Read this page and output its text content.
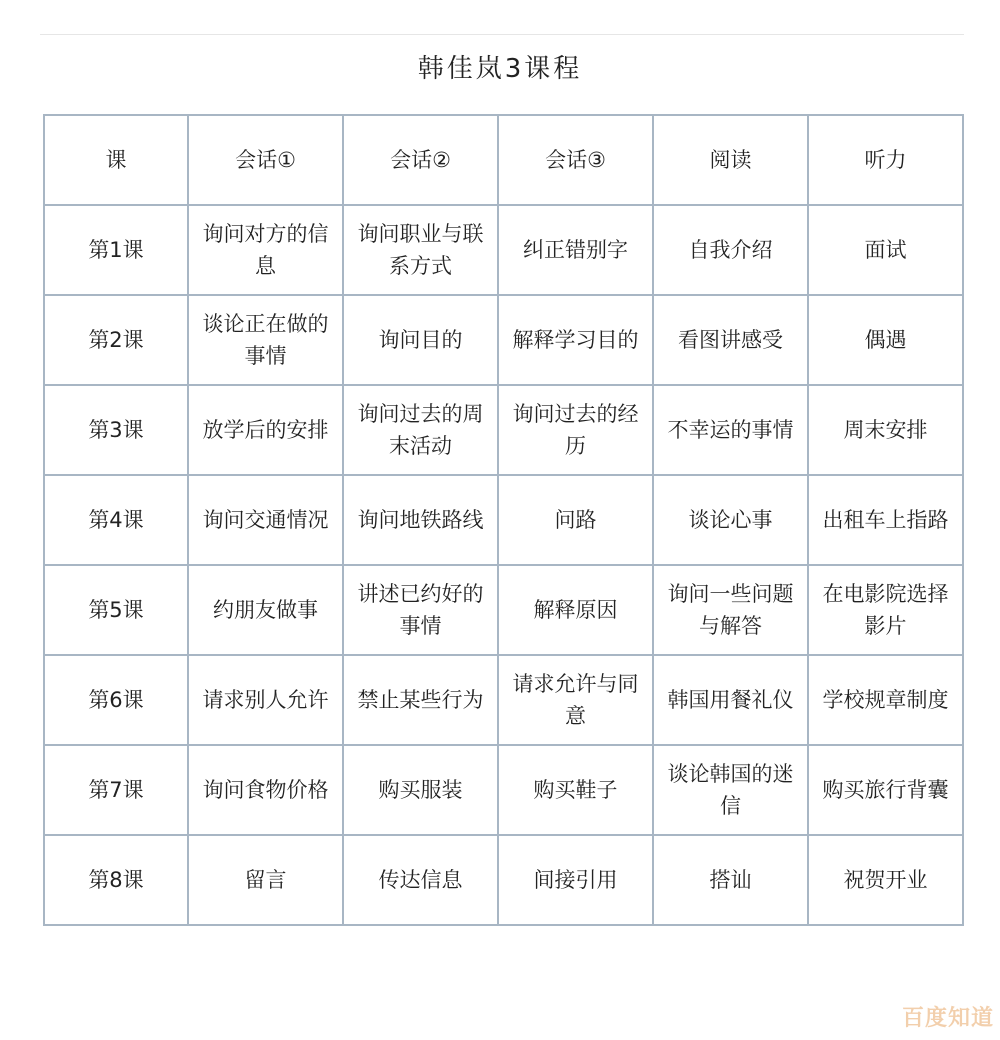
韩佳岚3课程
课	会话①	会话②	会话③	阅读	听力
第1课	询问对方的信息	询问职业与联系方式	纠正错别字	自我介绍	面试
第2课	谈论正在做的事情	询问目的	解释学习目的	看图讲感受	偶遇
第3课	放学后的安排	询问过去的周末活动	询问过去的经历	不幸运的事情	周末安排
第4课	询问交通情况	询问地铁路线	问路	谈论心事	出租车上指路
第5课	约朋友做事	讲述已约好的事情	解释原因	询问一些问题与解答	在电影院选择影片
第6课	请求别人允许	禁止某些行为	请求允许与同意	韩国用餐礼仪	学校规章制度
第7课	询问食物价格	购买服装	购买鞋子	谈论韩国的迷信	购买旅行背囊
第8课	留言	传达信息	间接引用	搭讪	祝贺开业
百度知道
